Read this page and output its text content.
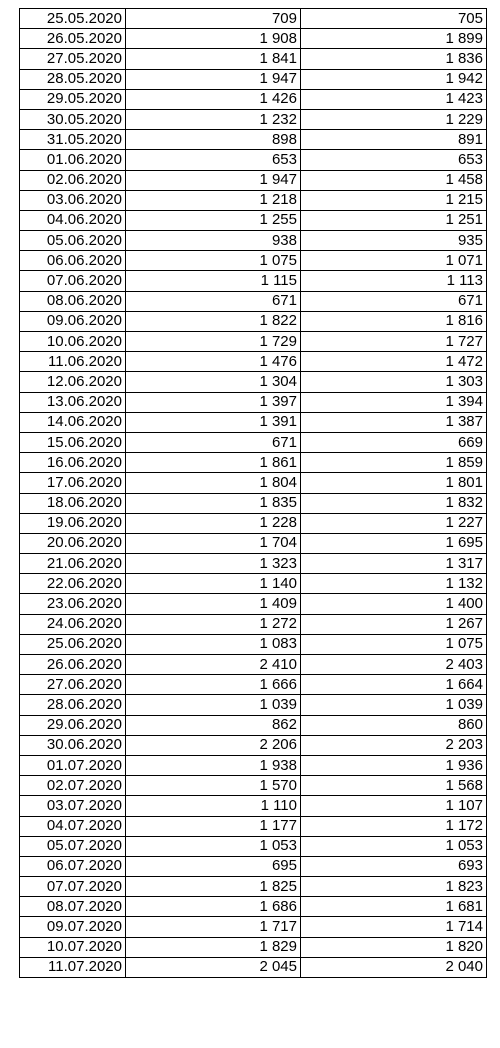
25.05.2020	709	705
26.05.2020	1 908	1 899
27.05.2020	1 841	1 836
28.05.2020	1 947	1 942
29.05.2020	1 426	1 423
30.05.2020	1 232	1 229
31.05.2020	898	891
01.06.2020	653	653
02.06.2020	1 947	1 458
03.06.2020	1 218	1 215
04.06.2020	1 255	1 251
05.06.2020	938	935
06.06.2020	1 075	1 071
07.06.2020	1 115	1 113
08.06.2020	671	671
09.06.2020	1 822	1 816
10.06.2020	1 729	1 727
11.06.2020	1 476	1 472
12.06.2020	1 304	1 303
13.06.2020	1 397	1 394
14.06.2020	1 391	1 387
15.06.2020	671	669
16.06.2020	1 861	1 859
17.06.2020	1 804	1 801
18.06.2020	1 835	1 832
19.06.2020	1 228	1 227
20.06.2020	1 704	1 695
21.06.2020	1 323	1 317
22.06.2020	1 140	1 132
23.06.2020	1 409	1 400
24.06.2020	1 272	1 267
25.06.2020	1 083	1 075
26.06.2020	2 410	2 403
27.06.2020	1 666	1 664
28.06.2020	1 039	1 039
29.06.2020	862	860
30.06.2020	2 206	2 203
01.07.2020	1 938	1 936
02.07.2020	1 570	1 568
03.07.2020	1 110	1 107
04.07.2020	1 177	1 172
05.07.2020	1 053	1 053
06.07.2020	695	693
07.07.2020	1 825	1 823
08.07.2020	1 686	1 681
09.07.2020	1 717	1 714
10.07.2020	1 829	1 820
11.07.2020	2 045	2 040
